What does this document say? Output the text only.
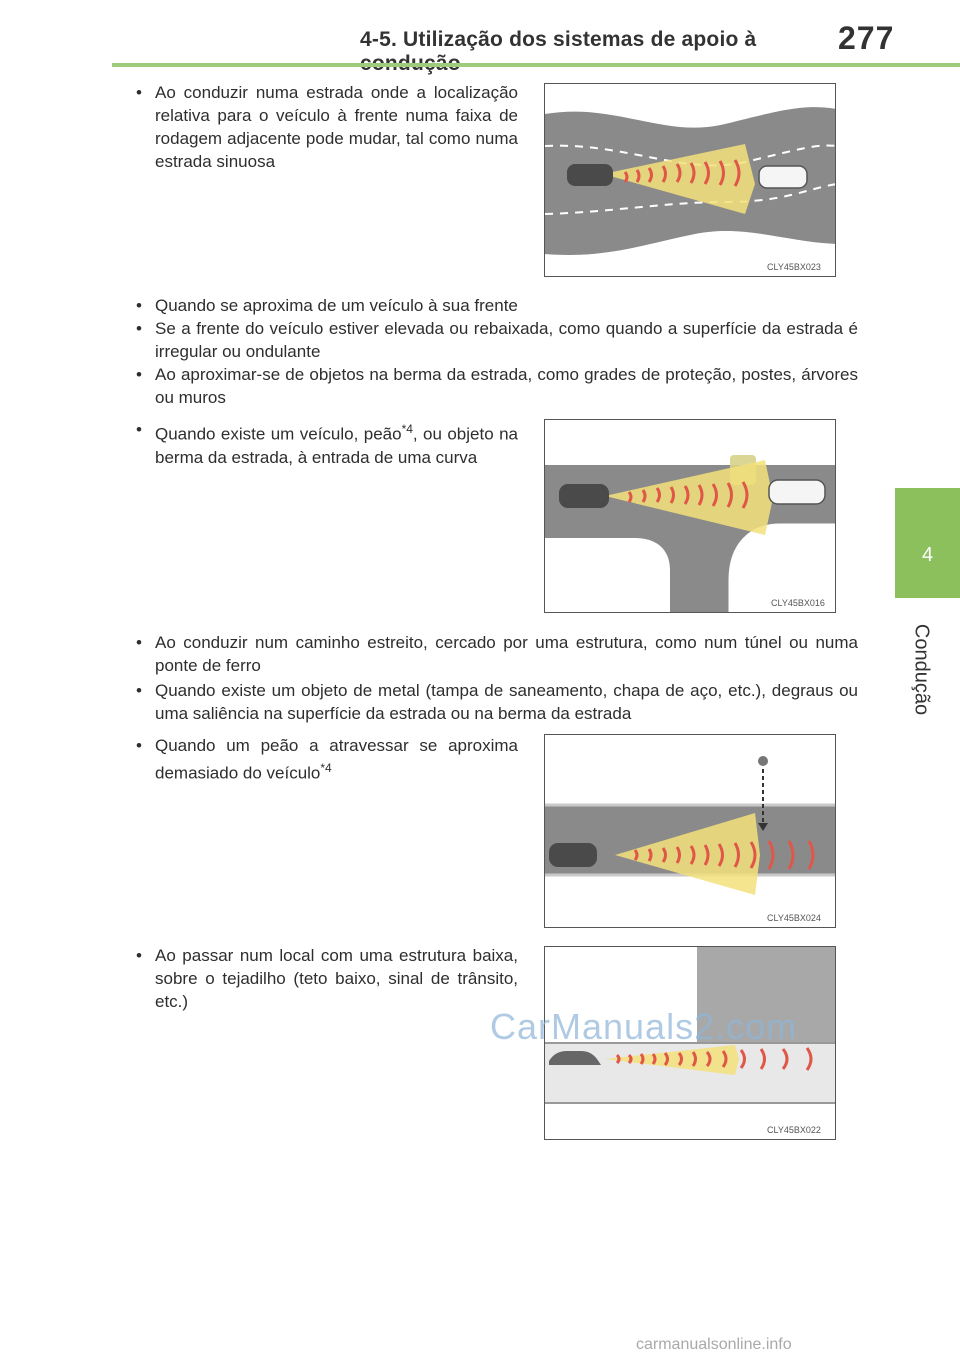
4-5. Utilização dos sistemas de apoio à	277
4
Condução
• Ao conduzir numa estrada onde a localização relativa para o veículo à frente numa faixa de rodagem adjacente pode mudar, tal como numa estrada sinuosa
CLY45BX023
• Quando se aproxima de um veículo à sua frente
• Se a frente do veículo estiver elevada ou rebaixada, como quando a superfície da estrada é irregular ou ondulante
• Ao aproximar-se de objetos na berma da estrada, como grades de proteção, postes, árvores ou muros
• Quando existe um veículo, peão$^{*4}$, ou objeto na berma da estrada, à entrada de uma curva
CLY45BX016
• Ao conduzir num caminho estreito, cercado por uma estrutura, como num túnel ou numa ponte de ferro
• Quando existe um objeto de metal (tampa de saneamento, chapa de aço, etc.), degraus ou uma saliência na superfície da estrada ou na berma da estrada
• Quando um peão a atravessar se aproxima demasiado do veículo$^{*4}$
CLY45BX024
• Ao passar num local com uma estrutura baixa, sobre o tejadilho (teto baixo, sinal de trânsito, etc.)
CLY45BX022
CarManuals2.com
carmanualsonline.info
